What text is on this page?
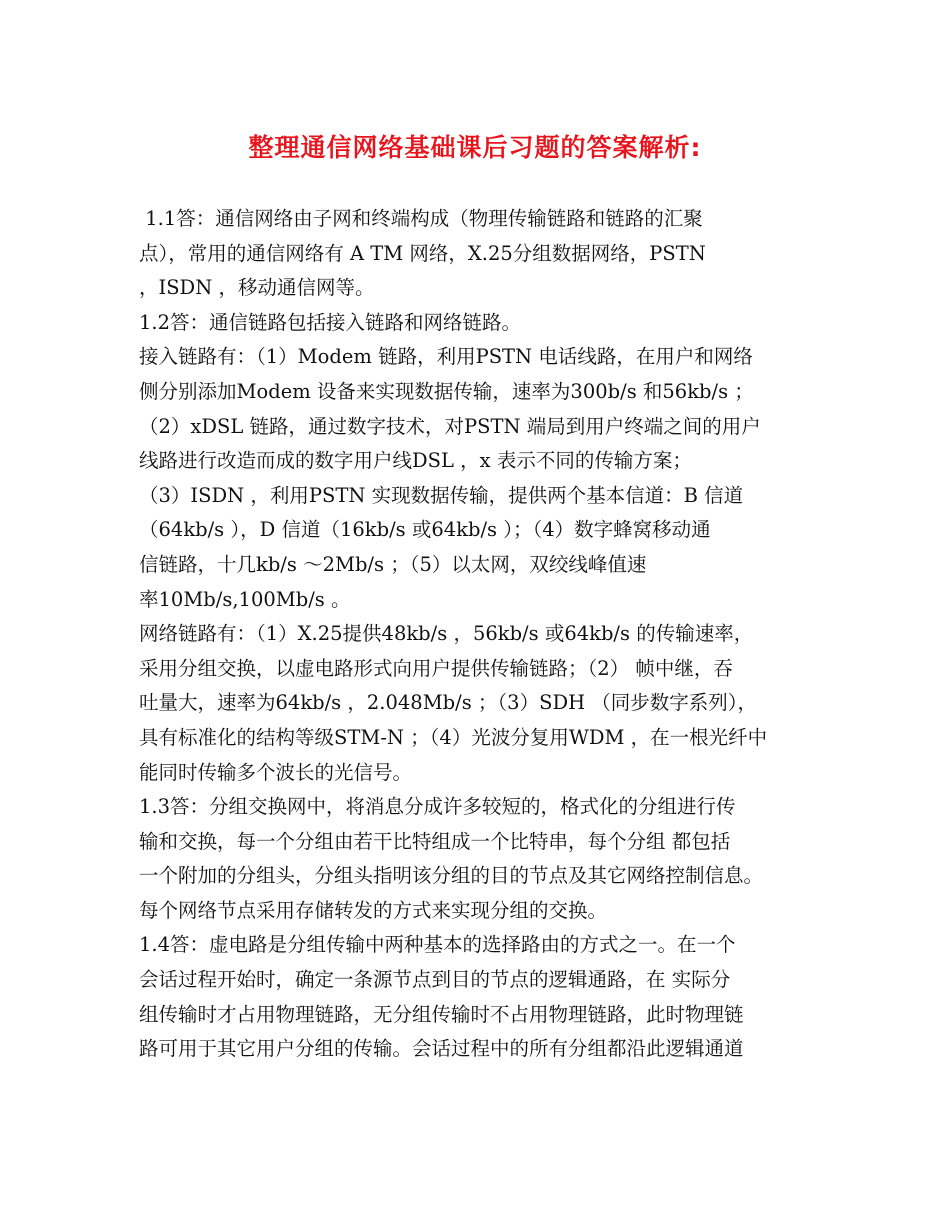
整理通信网络基础课后习题的答案解析:
1.1答：通信网络由子网和终端构成（物理传输链路和链路的汇聚
点），常用的通信网络有 A TM 网络，X.25分组数据网络，PSTN
，ISDN ，移动通信网等。
1.2答：通信链路包括接入链路和网络链路。
接入链路有：（1）Modem 链路，利用PSTN 电话线路，在用户和网络
侧分别添加Modem 设备来实现数据传输，速率为300b/s 和56kb/s ；
（2）xDSL 链路，通过数字技术，对PSTN 端局到用户终端之间的用户
线路进行改造而成的数字用户线DSL ，x 表示不同的传输方案；
（3）ISDN ，利用PSTN 实现数据传输，提供两个基本信道：B 信道
（64kb/s ），D 信道（16kb/s 或64kb/s ）；（4）数字蜂窝移动通
信链路，十几kb/s ～2Mb/s ；（5）以太网，双绞线峰值速
率10Mb/s,100Mb/s 。
网络链路有：（1）X.25提供48kb/s ，56kb/s 或64kb/s 的传输速率，
采用分组交换，以虚电路形式向用户提供传输链路；（2） 帧中继，吞
吐量大，速率为64kb/s ，2.048Mb/s ；（3）SDH （同步数字系列），
具有标准化的结构等级STM-N ；（4）光波分复用WDM ，在一根光纤中
能同时传输多个波长的光信号。
1.3答：分组交换网中，将消息分成许多较短的，格式化的分组进行传
输和交换，每一个分组由若干比特组成一个比特串，每个分组 都包括
一个附加的分组头，分组头指明该分组的目的节点及其它网络控制信息。
每个网络节点采用存储转发的方式来实现分组的交换。
1.4答：虚电路是分组传输中两种基本的选择路由的方式之一。在一个
会话过程开始时，确定一条源节点到目的节点的逻辑通路，在 实际分
组传输时才占用物理链路，无分组传输时不占用物理链路，此时物理链
路可用于其它用户分组的传输。会话过程中的所有分组都沿此逻辑通道
